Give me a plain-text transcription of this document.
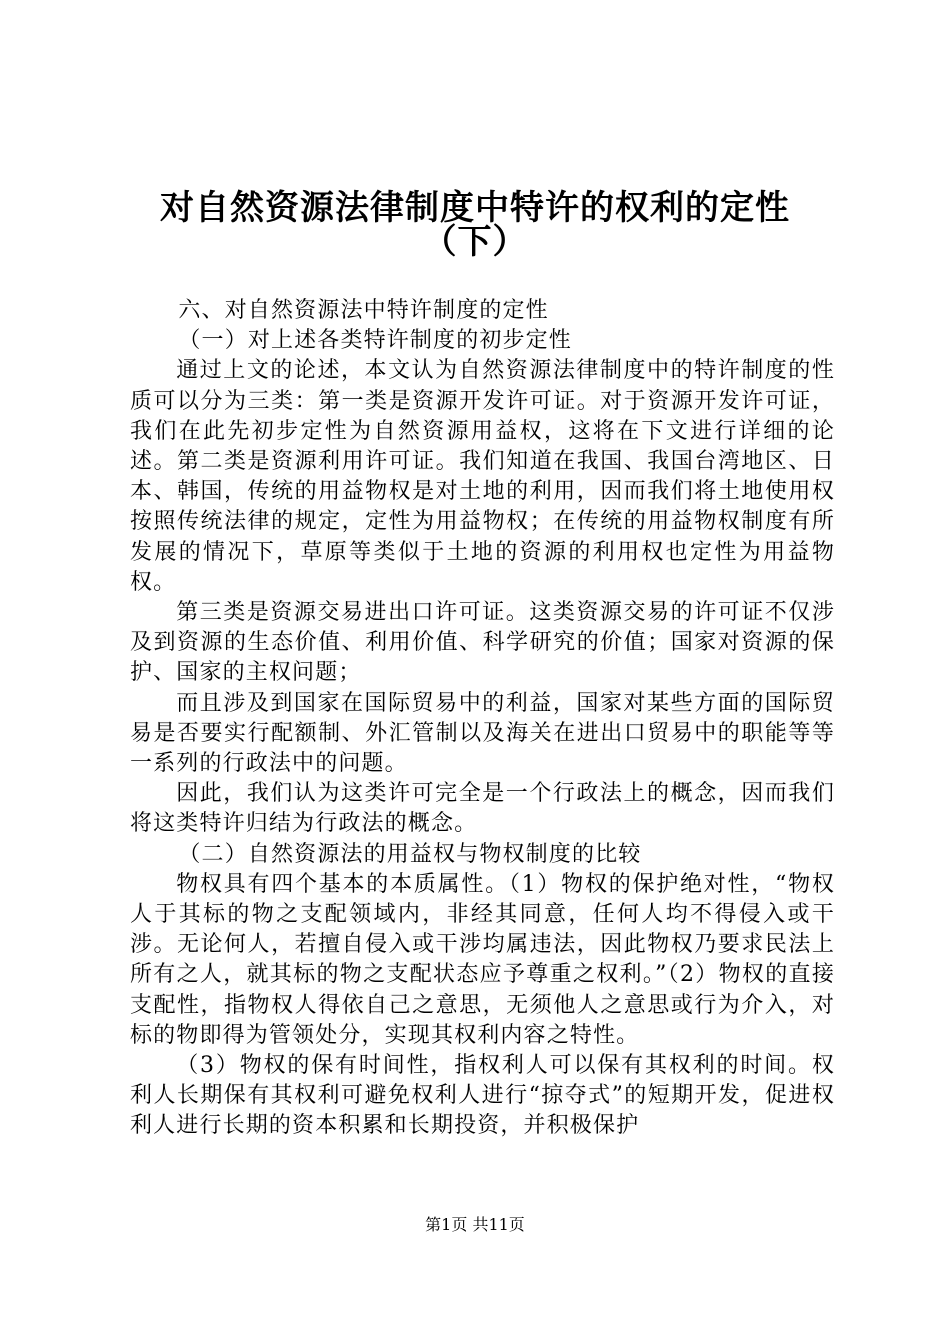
对自然资源法律制度中特许的权利的定性
（下）

六、对自然资源法中特许制度的定性

（一）对上述各类特许制度的初步定性

通过上文的论述，本文认为自然资源法律制度中的特许制度的性质可以分为三类：第一类是资源开发许可证。对于资源开发许可证，我们在此先初步定性为自然资源用益权，这将在下文进行详细的论述。第二类是资源利用许可证。我们知道在我国、我国台湾地区、日本、韩国，传统的用益物权是对土地的利用，因而我们将土地使用权按照传统法律的规定，定性为用益物权；在传统的用益物权制度有所发展的情况下，草原等类似于土地的资源的利用权也定性为用益物权。

第三类是资源交易进出口许可证。这类资源交易的许可证不仅涉及到资源的生态价值、利用价值、科学研究的价值；国家对资源的保护、国家的主权问题；

而且涉及到国家在国际贸易中的利益，国家对某些方面的国际贸易是否要实行配额制、外汇管制以及海关在进出口贸易中的职能等等一系列的行政法中的问题。

因此，我们认为这类许可完全是一个行政法上的概念，因而我们将这类特许归结为行政法的概念。

（二）自然资源法的用益权与物权制度的比较

物权具有四个基本的本质属性。（1）物权的保护绝对性，“物权人于其标的物之支配领域内，非经其同意，任何人均不得侵入或干涉。无论何人，若擅自侵入或干涉均属违法，因此物权乃要求民法上所有之人，就其标的物之支配状态应予尊重之权利。”（2）物权的直接支配性，指物权人得依自己之意思，无须他人之意思或行为介入，对标的物即得为管领处分，实现其权利内容之特性。

（3）物权的保有时间性，指权利人可以保有其权利的时间。权利人长期保有其权利可避免权利人进行“掠夺式”的短期开发，促进权利人进行长期的资本积累和长期投资，并积极保护

第1页 共11页
